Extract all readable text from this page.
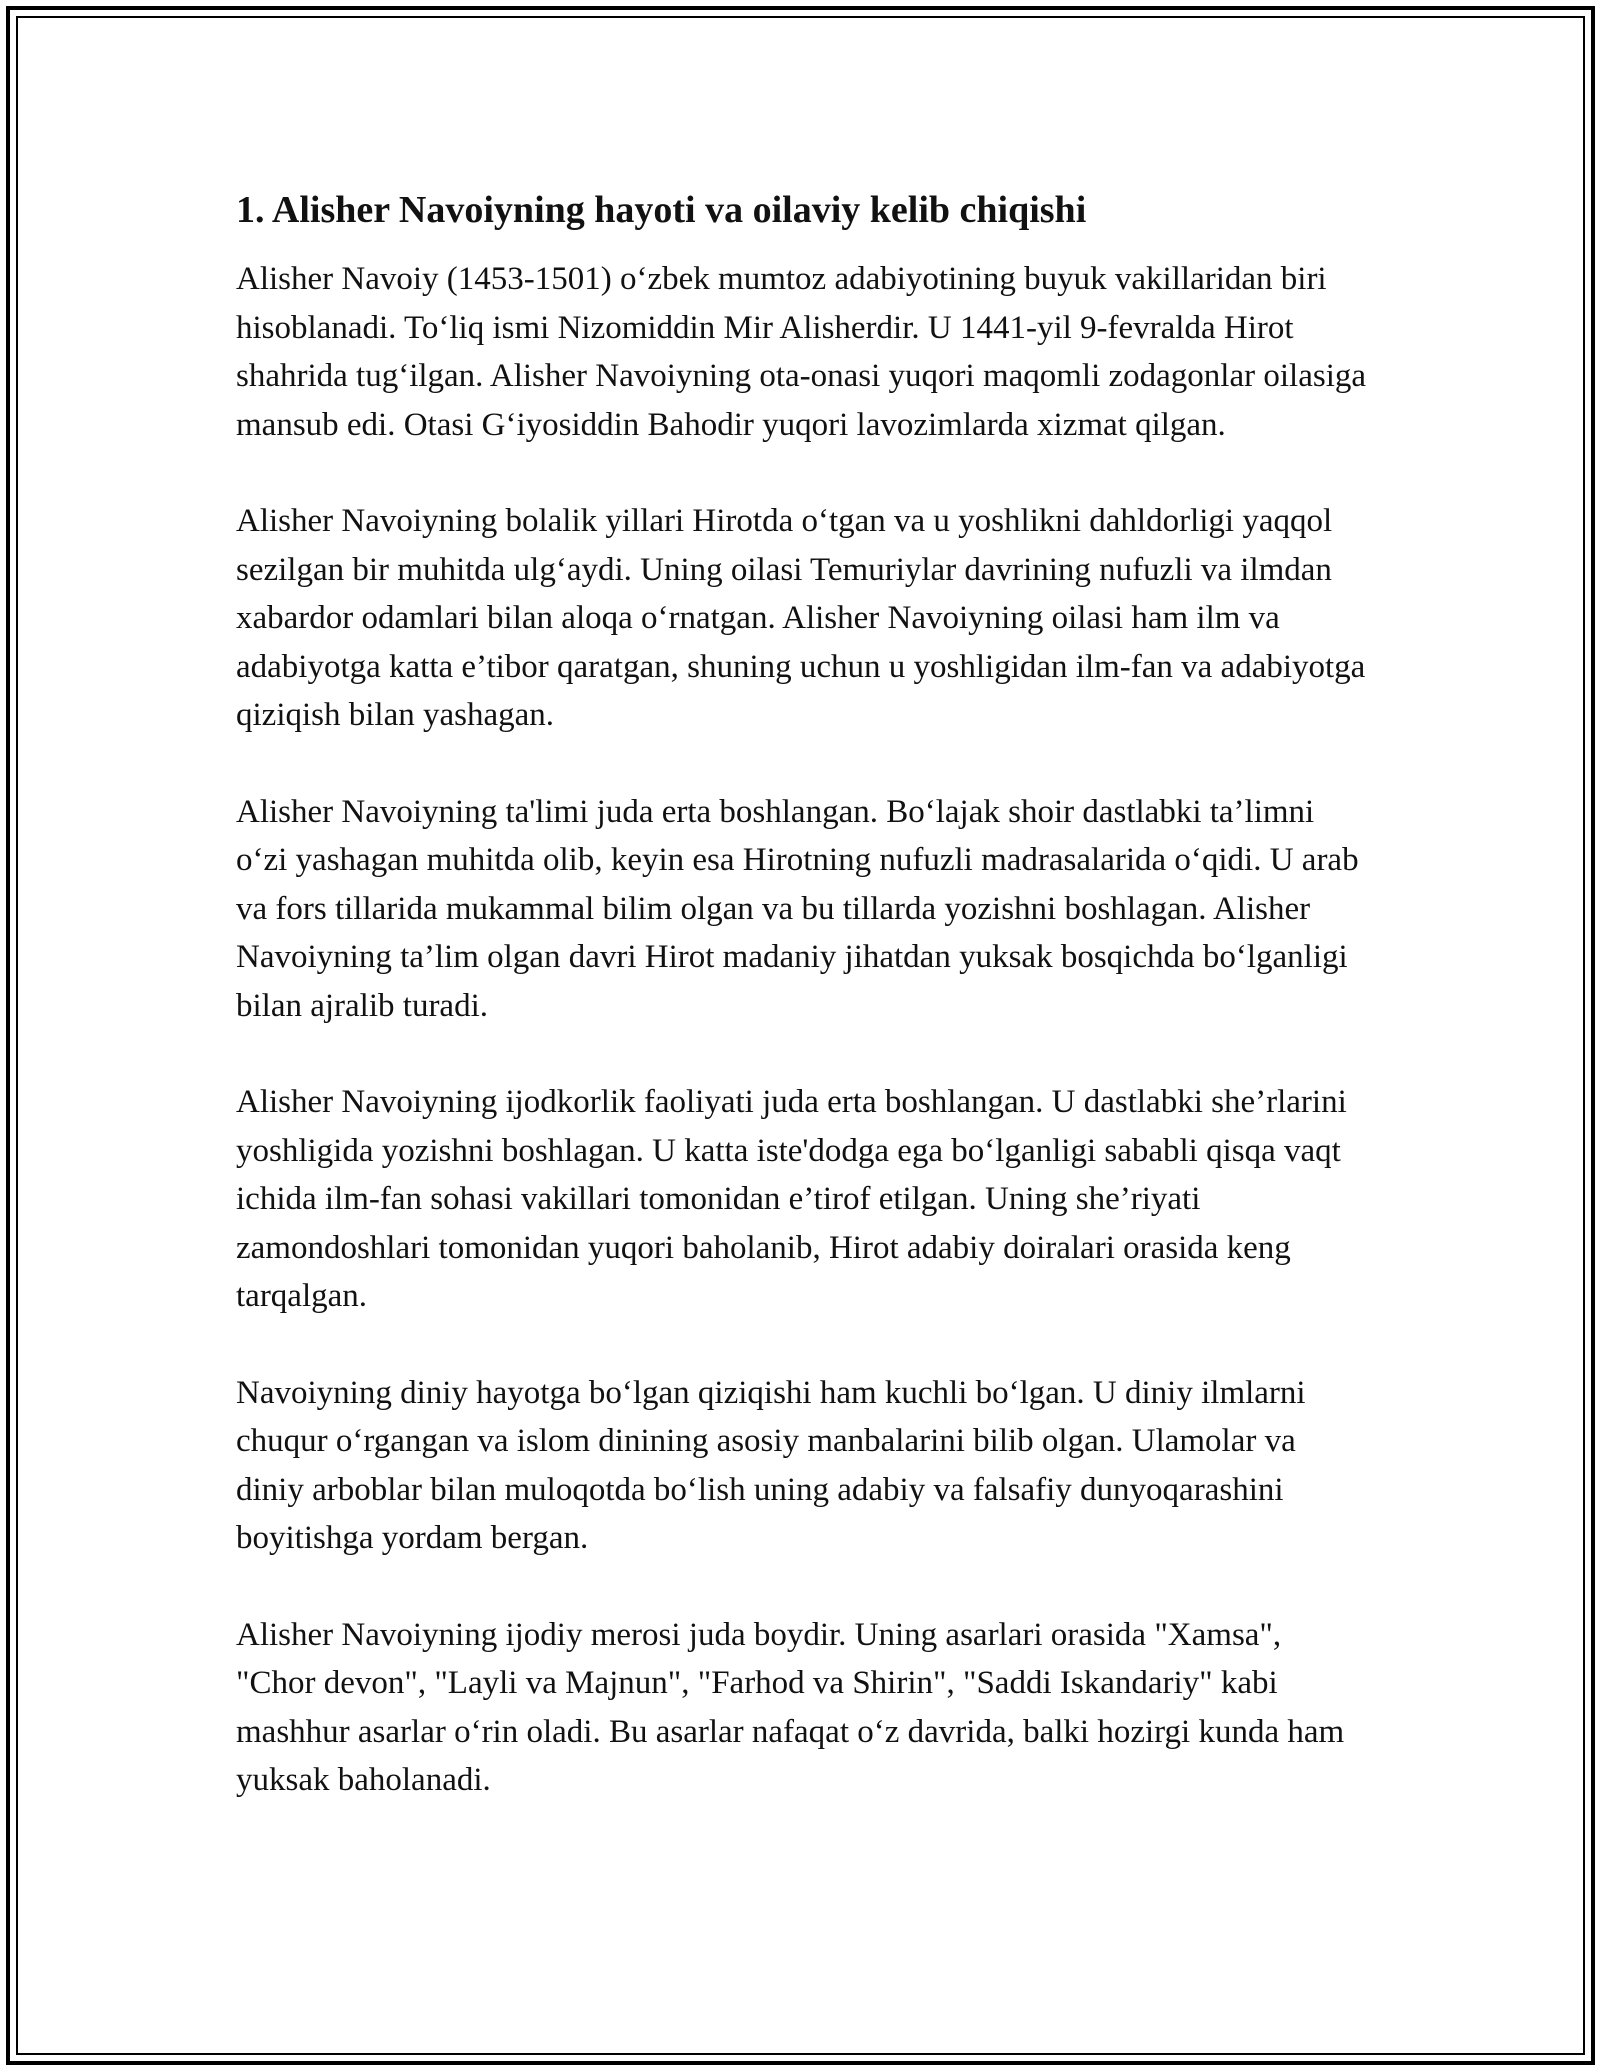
1. Alisher Navoiyning hayoti va oilaviy kelib chiqishi

Alisher Navoiy (1453-1501) o‘zbek mumtoz adabiyotining buyuk vakillaridan biri hisoblanadi. To‘liq ismi Nizomiddin Mir Alisherdir. U 1441-yil 9-fevralda Hirot shahrida tug‘ilgan. Alisher Navoiyning ota-onasi yuqori maqomli zodagonlar oilasiga mansub edi. Otasi G‘iyosiddin Bahodir yuqori lavozimlarda xizmat qilgan.

Alisher Navoiyning bolalik yillari Hirotda o‘tgan va u yoshlikni dahldorligi yaqqol sezilgan bir muhitda ulg‘aydi. Uning oilasi Temuriylar davrining nufuzli va ilmdan xabardor odamlari bilan aloqa o‘rnatgan. Alisher Navoiyning oilasi ham ilm va adabiyotga katta e’tibor qaratgan, shuning uchun u yoshligidan ilm-fan va adabiyotga qiziqish bilan yashagan.

Alisher Navoiyning ta'limi juda erta boshlangan. Bo‘lajak shoir dastlabki ta’limni o‘zi yashagan muhitda olib, keyin esa Hirotning nufuzli madrasalarida o‘qidi. U arab va fors tillarida mukammal bilim olgan va bu tillarda yozishni boshlagan. Alisher Navoiyning ta’lim olgan davri Hirot madaniy jihatdan yuksak bosqichda bo‘lganligi bilan ajralib turadi.

Alisher Navoiyning ijodkorlik faoliyati juda erta boshlangan. U dastlabki she’rlarini yoshligida yozishni boshlagan. U katta iste'dodga ega bo‘lganligi sababli qisqa vaqt ichida ilm-fan sohasi vakillari tomonidan e’tirof etilgan. Uning she’riyati zamondoshlari tomonidan yuqori baholanib, Hirot adabiy doiralari orasida keng tarqalgan.

Navoiyning diniy hayotga bo‘lgan qiziqishi ham kuchli bo‘lgan. U diniy ilmlarni chuqur o‘rgangan va islom dinining asosiy manbalarini bilib olgan. Ulamolar va diniy arboblar bilan muloqotda bo‘lish uning adabiy va falsafiy dunyoqarashini boyitishga yordam bergan.

Alisher Navoiyning ijodiy merosi juda boydir. Uning asarlari orasida "Xamsa", "Chor devon", "Layli va Majnun", "Farhod va Shirin", "Saddi Iskandariy" kabi mashhur asarlar o‘rin oladi. Bu asarlar nafaqat o‘z davrida, balki hozirgi kunda ham yuksak baholanadi.
